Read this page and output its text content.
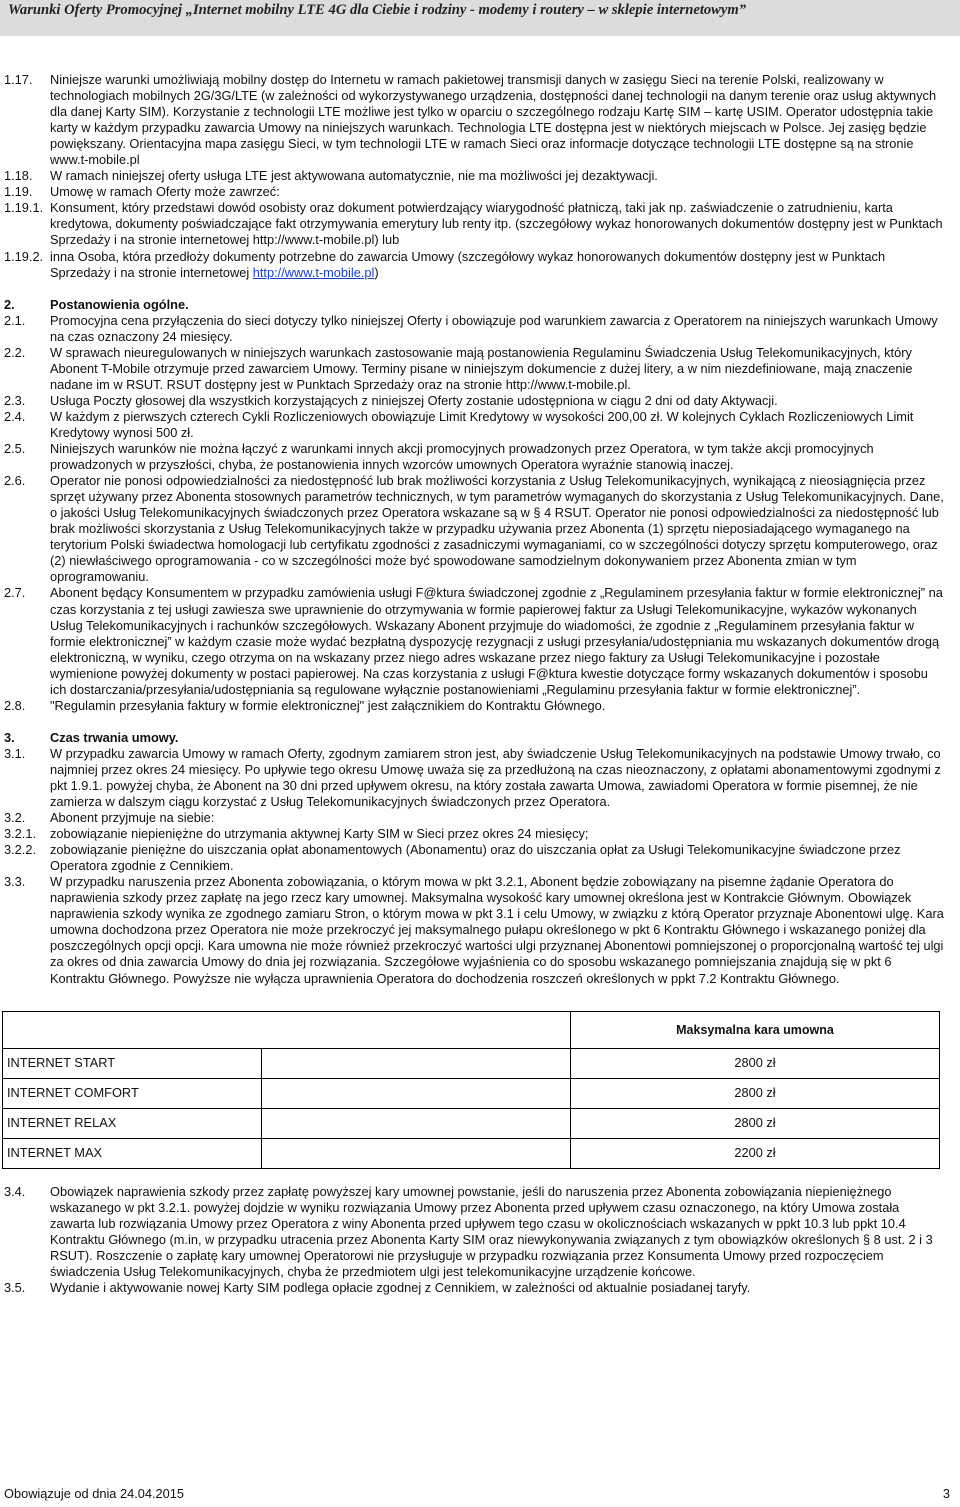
Warunki Oferty Promocyjnej „Internet mobilny LTE 4G dla Ciebie i rodziny - modemy i routery – w sklepie internetowym”
1.17.	Niniejsze warunki umożliwiają mobilny dostęp do Internetu w ramach pakietowej transmisji danych w zasięgu Sieci na terenie Polski, realizowany w technologiach mobilnych 2G/3G/LTE (w zależności od wykorzystywanego urządzenia, dostępności danej technologii na danym terenie oraz usług aktywnych dla danej Karty SIM). Korzystanie z technologii LTE możliwe jest tylko w oparciu o szczególnego rodzaju Kartę SIM – kartę USIM. Operator udostępnia takie karty w każdym przypadku zawarcia Umowy na niniejszych warunkach. Technologia LTE dostępna jest w niektórych miejscach w Polsce. Jej zasięg będzie powiększany. Orientacyjna mapa zasięgu Sieci, w tym technologii LTE w ramach Sieci oraz informacje dotyczące technologii LTE dostępne są na stronie www.t-mobile.pl
1.18.	W ramach niniejszej oferty usługa LTE jest aktywowana automatycznie, nie ma możliwości jej dezaktywacji.
1.19.	Umowę w ramach Oferty może zawrzeć:
1.19.1. Konsument, który przedstawi dowód osobisty oraz dokument potwierdzający wiarygodność płatniczą, taki jak np. zaświadczenie o zatrudnieniu, karta kredytowa, dokumenty poświadczające fakt otrzymywania emerytury lub renty itp. (szczegółowy wykaz honorowanych dokumentów dostępny jest w Punktach Sprzedaży i na stronie internetowej http://www.t-mobile.pl) lub
1.19.2. inna Osoba, która przedłoży dokumenty potrzebne do zawarcia Umowy (szczegółowy wykaz honorowanych dokumentów dostępny jest w Punktach Sprzedaży i na stronie internetowej http://www.t-mobile.pl)
2.	Postanowienia ogólne.
2.1.	Promocyjna cena przyłączenia do sieci dotyczy tylko niniejszej Oferty i obowiązuje pod warunkiem zawarcia z Operatorem na niniejszych warunkach Umowy na czas oznaczony 24 miesięcy.
2.2.	W sprawach nieuregulowanych w niniejszych warunkach zastosowanie mają postanowienia Regulaminu Świadczenia Usług Telekomunikacyjnych, który Abonent T-Mobile otrzymuje przed zawarciem Umowy. Terminy pisane w niniejszym dokumencie z dużej litery, a w nim niezdefiniowane, mają znaczenie nadane im w RSUT. RSUT dostępny jest w Punktach Sprzedaży oraz na stronie http://www.t-mobile.pl.
2.3.	Usługa Poczty głosowej dla wszystkich korzystających z niniejszej Oferty zostanie udostępniona w ciągu 2 dni od daty Aktywacji.
2.4.	W każdym z pierwszych czterech Cykli Rozliczeniowych obowiązuje Limit Kredytowy w wysokości 200,00 zł. W kolejnych Cyklach Rozliczeniowych Limit Kredytowy wynosi 500 zł.
2.5.	Niniejszych warunków nie można łączyć z warunkami innych akcji promocyjnych prowadzonych przez Operatora, w tym także akcji promocyjnych prowadzonych w przyszłości, chyba, że postanowienia innych wzorców umownych Operatora wyraźnie stanowią inaczej.
2.6.	Operator nie ponosi odpowiedzialności za niedostępność lub brak możliwości korzystania z Usług Telekomunikacyjnych, wynikającą z nieosiągnięcia przez sprzęt używany przez Abonenta stosownych parametrów technicznych, w tym parametrów wymaganych do skorzystania z Usług Telekomunikacyjnych. Dane, o jakości Usług Telekomunikacyjnych świadczonych przez Operatora wskazane są w § 4 RSUT. Operator nie ponosi odpowiedzialności za niedostępność lub brak możliwości skorzystania z Usług Telekomunikacyjnych także w przypadku używania przez Abonenta (1) sprzętu nieposiadającego wymaganego na terytorium Polski świadectwa homologacji lub certyfikatu zgodności z zasadniczymi wymaganiami, co w szczególności dotyczy sprzętu komputerowego, oraz (2) niewłaściwego oprogramowania - co w szczególności może być spowodowane samodzielnym dokonywaniem przez Abonenta zmian w tym oprogramowaniu.
2.7.	Abonent będący Konsumentem w przypadku zamówienia usługi F@ktura świadczonej zgodnie z „Regulaminem przesyłania faktur w formie elektronicznej” na czas korzystania z tej usługi zawiesza swe uprawnienie do otrzymywania w formie papierowej faktur za Usługi Telekomunikacyjne, wykazów wykonanych Usług Telekomunikacyjnych i rachunków szczegółowych. Wskazany Abonent przyjmuje do wiadomości, że zgodnie z „Regulaminem przesyłania faktur w formie elektronicznej” w każdym czasie może wydać bezpłatną dyspozycję rezygnacji z usługi przesyłania/udostępniania mu wskazanych dokumentów drogą elektroniczną, w wyniku, czego otrzyma on na wskazany przez niego adres wskazane przez niego faktury za Usługi Telekomunikacyjne i pozostałe wymienione powyżej dokumenty w postaci papierowej. Na czas korzystania z usługi F@ktura kwestie dotyczące formy wskazanych dokumentów i sposobu ich dostarczania/przesyłania/udostępniania są regulowane wyłącznie postanowieniami „Regulaminu przesyłania faktur w formie elektronicznej”.
2.8.	"Regulamin przesyłania faktury w formie elektronicznej" jest załącznikiem do Kontraktu Głównego.
3.	Czas trwania umowy.
3.1.	W przypadku zawarcia Umowy w ramach Oferty, zgodnym zamiarem stron jest, aby świadczenie Usług Telekomunikacyjnych na podstawie Umowy trwało, co najmniej przez okres 24 miesięcy. Po upływie tego okresu Umowę uważa się za przedłużoną na czas nieoznaczony, z opłatami abonamentowymi zgodnymi z pkt 1.9.1. powyżej chyba, że Abonent na 30 dni przed upływem okresu, na który została zawarta Umowa, zawiadomi Operatora w formie pisemnej, że nie zamierza w dalszym ciągu korzystać z Usług Telekomunikacyjnych świadczonych przez Operatora.
3.2.	Abonent przyjmuje na siebie:
3.2.1.	zobowiązanie niepieniężne do utrzymania aktywnej Karty SIM w Sieci przez okres 24 miesięcy;
3.2.2.	zobowiązanie pieniężne do uiszczania opłat abonamentowych (Abonamentu) oraz do uiszczania opłat za Usługi Telekomunikacyjne świadczone przez Operatora zgodnie z Cennikiem.
3.3.	W przypadku naruszenia przez Abonenta zobowiązania, o którym mowa w pkt 3.2.1, Abonent będzie zobowiązany na pisemne żądanie Operatora do naprawienia szkody przez zapłatę na jego rzecz kary umownej. Maksymalna wysokość kary umownej określona jest w Kontrakcie Głównym. Obowiązek naprawienia szkody wynika ze zgodnego zamiaru Stron, o którym mowa w pkt 3.1 i celu Umowy, w związku z którą Operator przyznaje Abonentowi ulgę. Kara umowna dochodzona przez Operatora nie może przekroczyć jej maksymalnego pułapu określonego w pkt 6 Kontraktu Głównego i wskazanego poniżej dla poszczególnych opcji opcji. Kara umowna nie może również przekroczyć wartości ulgi przyznanej Abonentowi pomniejszonej o proporcjonalną wartość tej ulgi za okres od dnia zawarcia Umowy do dnia jej rozwiązania. Szczegółowe wyjaśnienia co do sposobu wskazanego pomniejszania znajdują się w pkt 6 Kontraktu Głównego. Powyższe nie wyłącza uprawnienia Operatora do dochodzenia roszczeń określonych w ppkt 7.2 Kontraktu Głównego.
		Maksymalna kara umowna
INTERNET START		2800 zł
INTERNET COMFORT		2800 zł
INTERNET RELAX		2800 zł
INTERNET MAX		2200 zł
3.4.	Obowiązek naprawienia szkody przez zapłatę powyższej kary umownej powstanie, jeśli do naruszenia przez Abonenta zobowiązania niepieniężnego wskazanego w pkt 3.2.1. powyżej dojdzie w wyniku rozwiązania Umowy przez Abonenta przed upływem czasu oznaczonego, na który Umowa została zawarta lub rozwiązania Umowy przez Operatora z winy Abonenta przed upływem tego czasu w okolicznościach wskazanych w ppkt 10.3 lub ppkt 10.4 Kontraktu Głównego (m.in, w przypadku utracenia przez Abonenta Karty SIM oraz niewykonywania związanych z tym obowiązków określonych § 8 ust. 2 i 3 RSUT). Roszczenie o zapłatę kary umownej Operatorowi nie przysługuje w przypadku rozwiązania przez Konsumenta Umowy przed rozpoczęciem świadczenia Usług Telekomunikacyjnych, chyba że przedmiotem ulgi jest telekomunikacyjne urządzenie końcowe.
3.5.	Wydanie i aktywowanie nowej Karty SIM podlega opłacie zgodnej z Cennikiem, w zależności od aktualnie posiadanej taryfy.
Obowiązuje od dnia 24.04.2015	3
